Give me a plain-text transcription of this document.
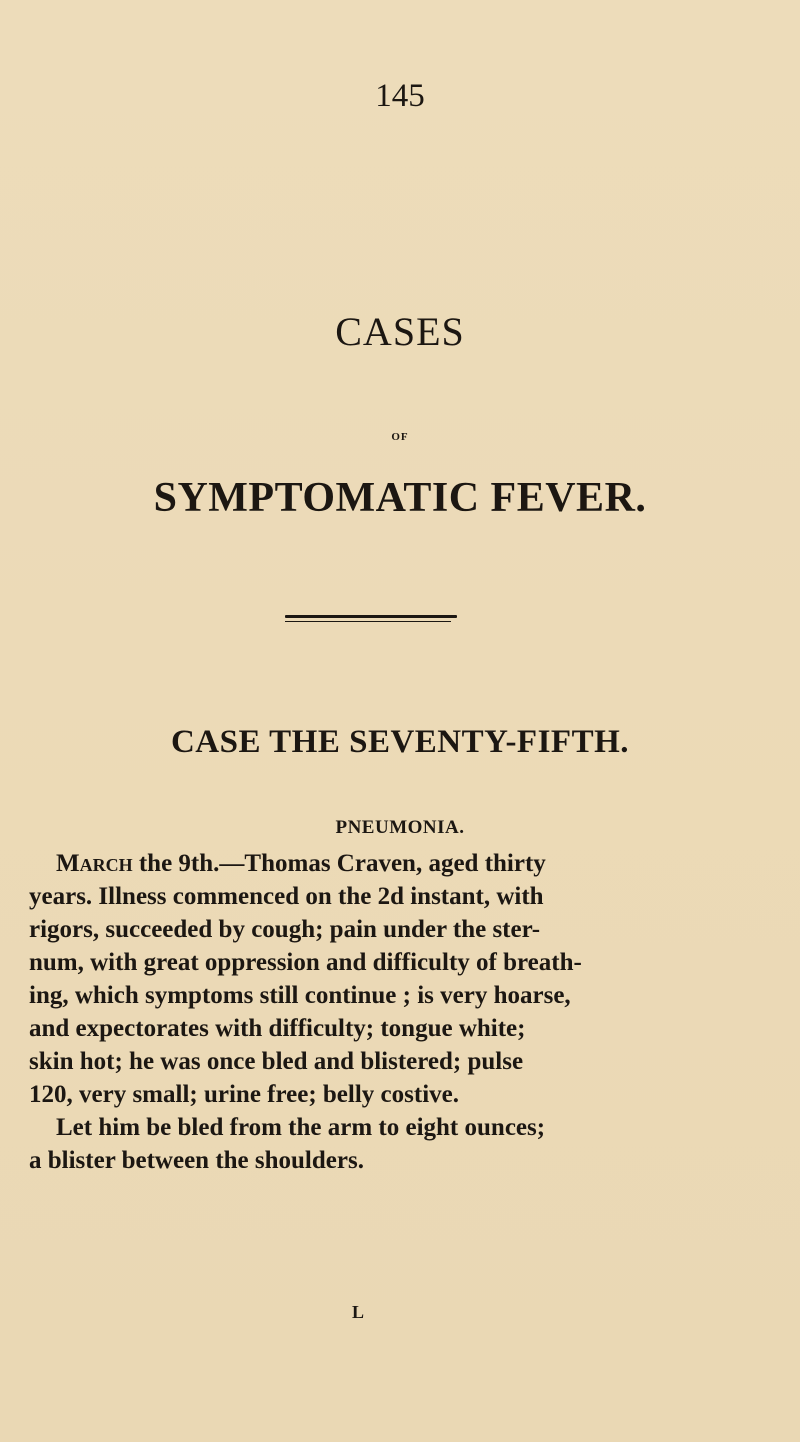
145
CASES
OF
SYMPTOMATIC FEVER.
CASE THE SEVENTY-FIFTH.
PNEUMONIA.
March the 9th.—Thomas Craven, aged thirty
years. Illness commenced on the 2d instant, with
rigors, succeeded by cough; pain under the ster-
num, with great oppression and difficulty of breath-
ing, which symptoms still continue ; is very hoarse,
and expectorates with difficulty; tongue white;
skin hot; he was once bled and blistered; pulse
120, very small; urine free; belly costive.
Let him be bled from the arm to eight ounces;
a blister between the shoulders.
L
